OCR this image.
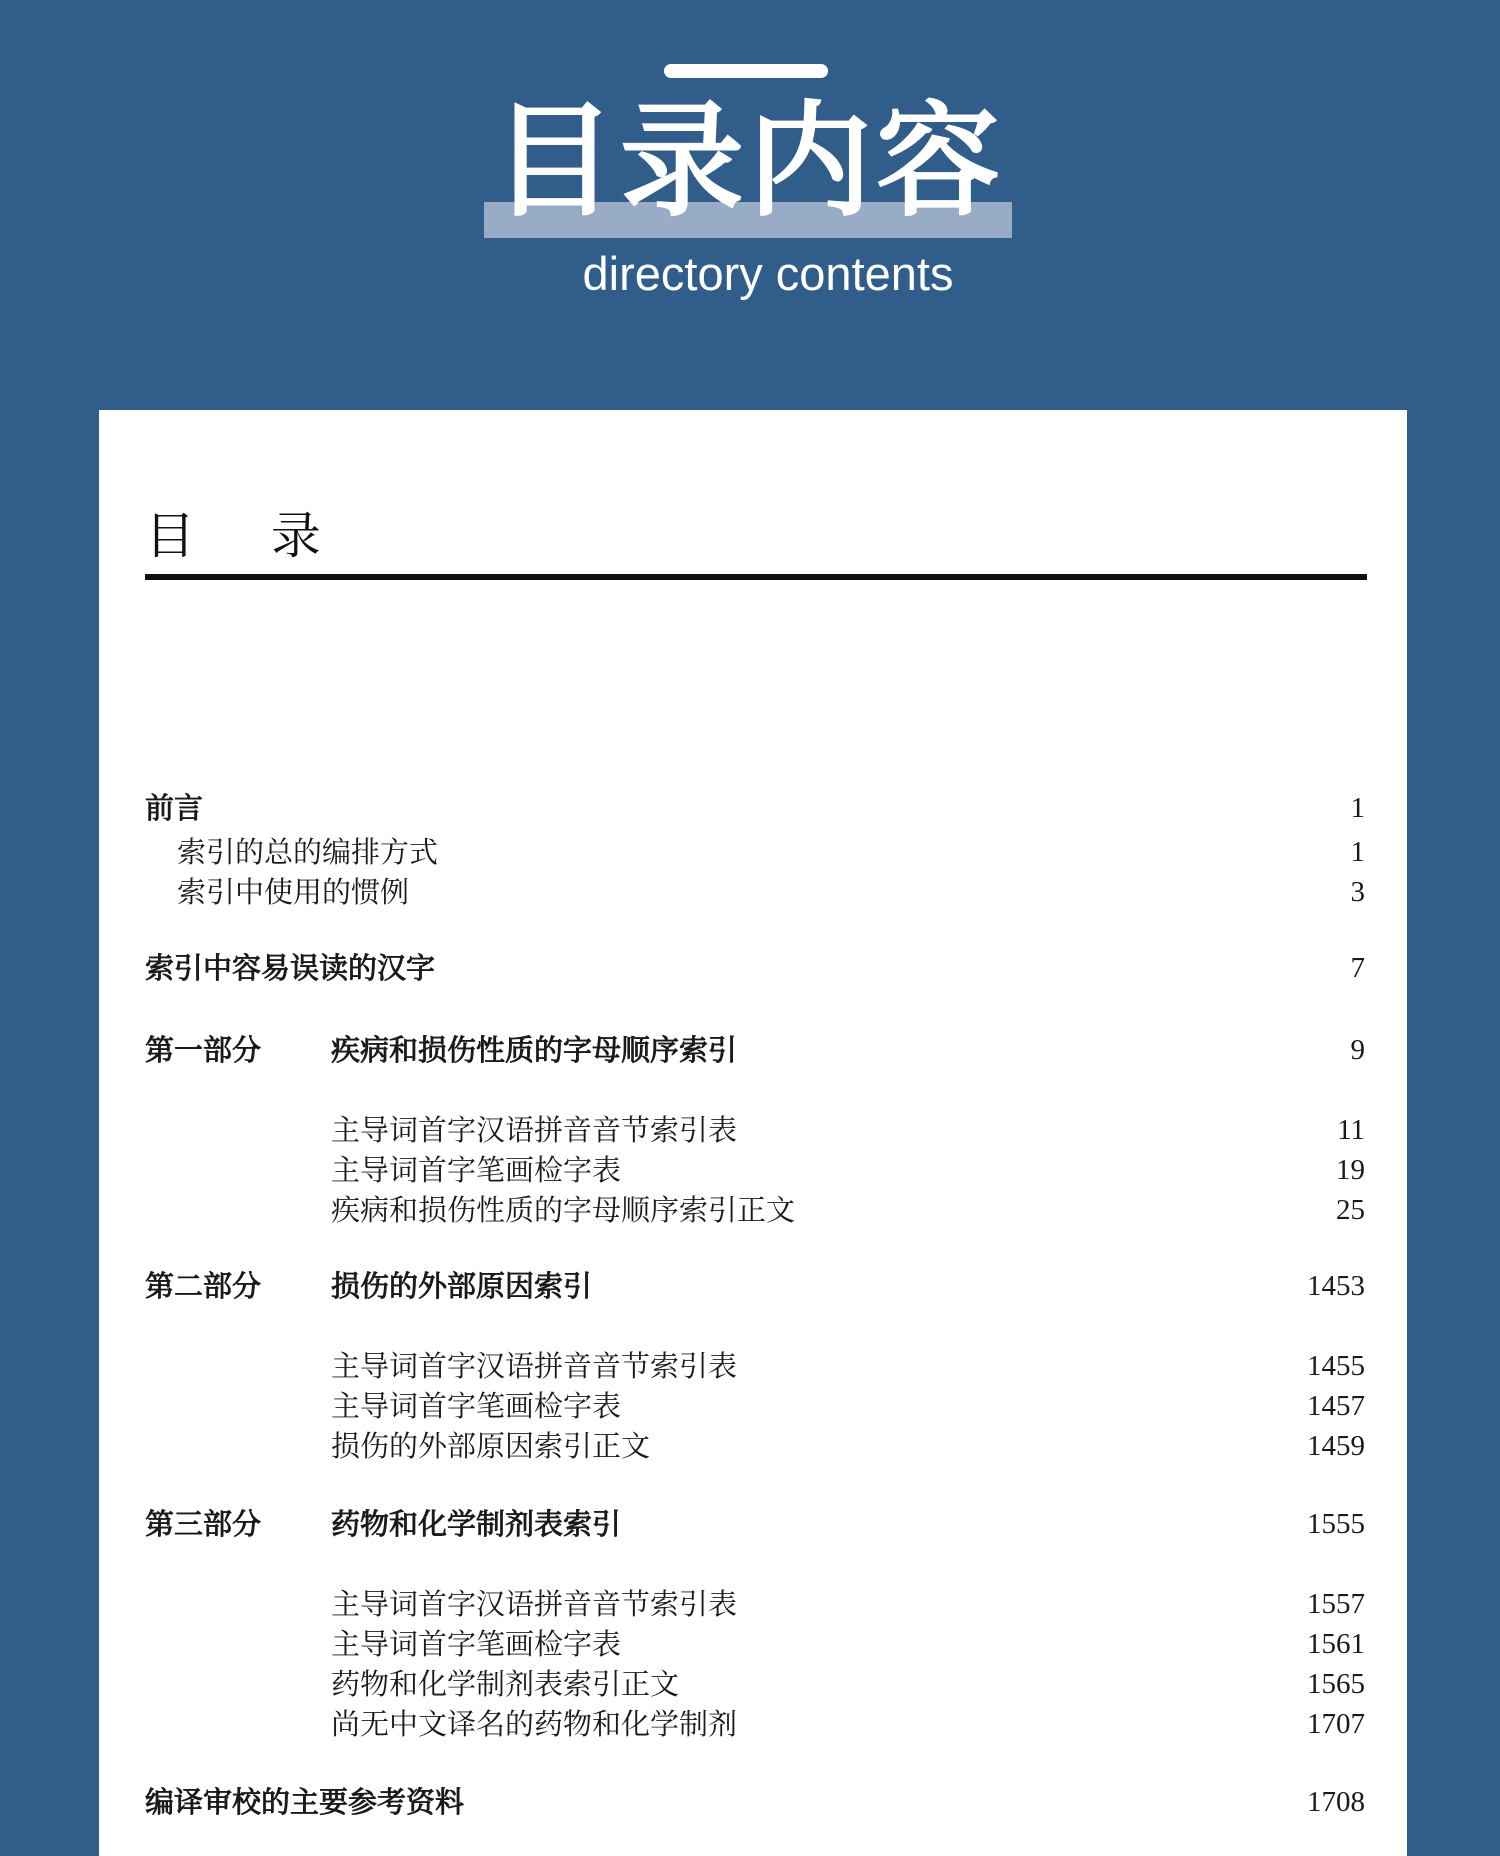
目录内容
directory contents
目 录
前言	1
索引的总的编排方式	1
索引中使用的惯例	3
索引中容易误读的汉字	7
第一部分 疾病和损伤性质的字母顺序索引	9
主导词首字汉语拼音音节索引表	11
主导词首字笔画检字表	19
疾病和损伤性质的字母顺序索引正文	25
第二部分 损伤的外部原因索引	1453
主导词首字汉语拼音音节索引表	1455
主导词首字笔画检字表	1457
损伤的外部原因索引正文	1459
第三部分 药物和化学制剂表索引	1555
主导词首字汉语拼音音节索引表	1557
主导词首字笔画检字表	1561
药物和化学制剂表索引正文	1565
尚无中文译名的药物和化学制剂	1707
编译审校的主要参考资料	1708
